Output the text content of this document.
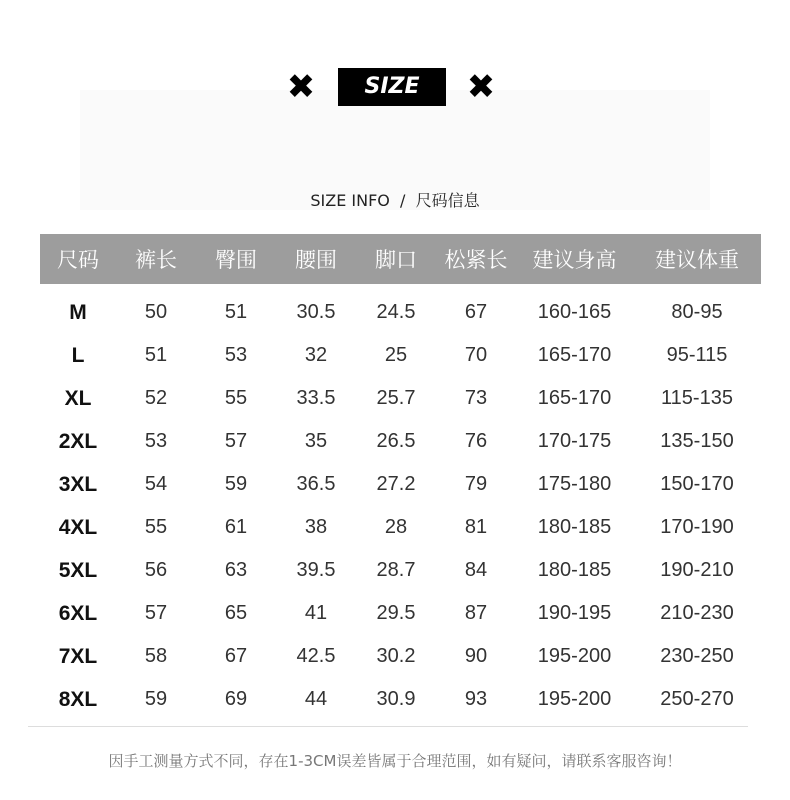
✖	SIZE	✖
SIZE INFO  /  尺码信息
尺码	裤长	臀围	腰围	脚口	松紧长	建议身高	建议体重
M	50	51	30.5	24.5	67	160-165	80-95
L	51	53	32	25	70	165-170	95-115
XL	52	55	33.5	25.7	73	165-170	115-135
2XL	53	57	35	26.5	76	170-175	135-150
3XL	54	59	36.5	27.2	79	175-180	150-170
4XL	55	61	38	28	81	180-185	170-190
5XL	56	63	39.5	28.7	84	180-185	190-210
6XL	57	65	41	29.5	87	190-195	210-230
7XL	58	67	42.5	30.2	90	195-200	230-250
8XL	59	69	44	30.9	93	195-200	250-270
因手工测量方式不同，存在1-3CM误差皆属于合理范围，如有疑问，请联系客服咨询！
